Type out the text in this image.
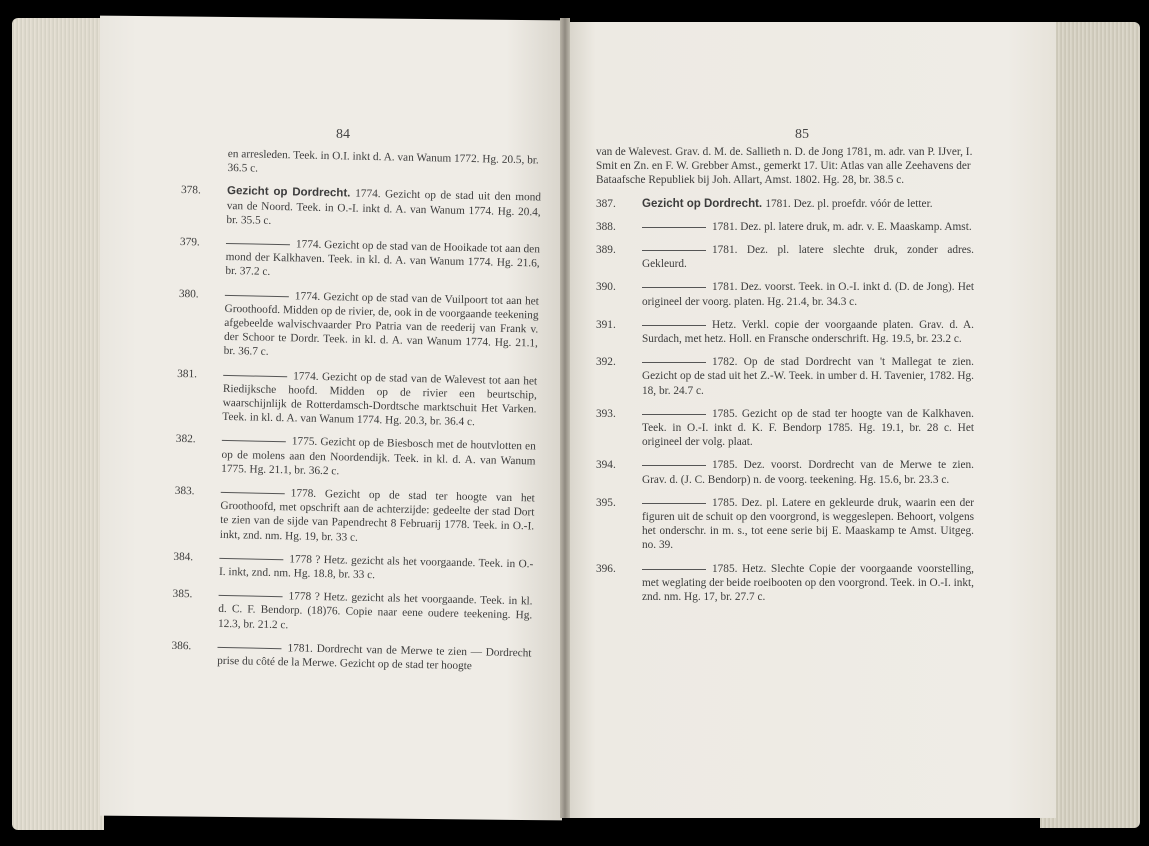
84	85
en arresleden. Teek. in O.I. inkt d. A. van Wanum 1772. Hg. 20.5, br. 36.5 c.
378.	Gezicht op Dordrecht. 1774. Gezicht op de stad uit den mond van de Noord. Teek. in O.-I. inkt d. A. van Wanum 1774. Hg. 20.4, br. 35.5 c.
379.	1774. Gezicht op de stad van de Hooikade tot aan den mond der Kalkhaven. Teek. in kl. d. A. van Wanum 1774. Hg. 21.6, br. 37.2 c.
380.	1774. Gezicht op de stad van de Vuilpoort tot aan het Groothoofd. Midden op de rivier, de, ook in de voorgaande teekening afgebeelde walvischvaarder Pro Patria van de reederij van Frank v. der Schoor te Dordr. Teek. in kl. d. A. van Wanum 1774. Hg. 21.1, br. 36.7 c.
381.	1774. Gezicht op de stad van de Walevest tot aan het Riedijksche hoofd. Midden op de rivier een beurtschip, waarschijnlijk de Rotterdamsch-Dordtsche marktschuit Het Varken. Teek. in kl. d. A. van Wanum 1774. Hg. 20.3, br. 36.4 c.
382.	1775. Gezicht op de Biesbosch met de houtvlotten en op de molens aan den Noordendijk. Teek. in kl. d. A. van Wanum 1775. Hg. 21.1, br. 36.2 c.
383.	1778. Gezicht op de stad ter hoogte van het Groothoofd, met opschrift aan de achterzijde: gedeelte der stad Dort te zien van de sijde van Papendrecht 8 Februarij 1778. Teek. in O.-I. inkt, znd. nm. Hg. 19, br. 33 c.
384.	1778 ? Hetz. gezicht als het voorgaande. Teek. in O.-I. inkt, znd. nm. Hg. 18.8, br. 33 c.
385.	1778 ? Hetz. gezicht als het voorgaande. Teek. in kl. d. C. F. Bendorp. (18)76. Copie naar eene oudere teekening. Hg. 12.3, br. 21.2 c.
386.	1781. Dordrecht van de Merwe te zien — Dordrecht prise du côté de la Merwe. Gezicht op de stad ter hoogte
van de Walevest. Grav. d. M. de. Sallieth n. D. de Jong 1781, m. adr. van P. IJver, I. Smit en Zn. en F. W. Grebber Amst., gemerkt 17. Uit: Atlas van alle Zeehavens der Bataafsche Republiek bij Joh. Allart, Amst. 1802. Hg. 28, br. 38.5 c.
387.	Gezicht op Dordrecht. 1781. Dez. pl. proefdr. vóór de letter.
388.	1781. Dez. pl. latere druk, m. adr. v. E. Maaskamp. Amst.
389.	1781. Dez. pl. latere slechte druk, zonder adres. Gekleurd.
390.	1781. Dez. voorst. Teek. in O.-I. inkt d. (D. de Jong). Het origineel der voorg. platen. Hg. 21.4, br. 34.3 c.
391.	Hetz. Verkl. copie der voorgaande platen. Grav. d. A. Surdach, met hetz. Holl. en Fransche onderschrift. Hg. 19.5, br. 23.2 c.
392.	1782. Op de stad Dordrecht van 't Mallegat te zien. Gezicht op de stad uit het Z.-W. Teek. in umber d. H. Tavenier, 1782. Hg. 18, br. 24.7 c.
393.	1785. Gezicht op de stad ter hoogte van de Kalkhaven. Teek. in O.-I. inkt d. K. F. Bendorp 1785. Hg. 19.1, br. 28 c. Het origineel der volg. plaat.
394.	1785. Dez. voorst. Dordrecht van de Merwe te zien. Grav. d. (J. C. Bendorp) n. de voorg. teekening. Hg. 15.6, br. 23.3 c.
395.	1785. Dez. pl. Latere en gekleurde druk, waarin een der figuren uit de schuit op den voorgrond, is weggeslepen. Behoort, volgens het onderschr. in m. s., tot eene serie bij E. Maaskamp te Amst. Uitgeg. no. 39.
396.	1785. Hetz. Slechte Copie der voorgaande voorstelling, met weglating der beide roeibooten op den voorgrond. Teek. in O.-I. inkt, znd. nm. Hg. 17, br. 27.7 c.
